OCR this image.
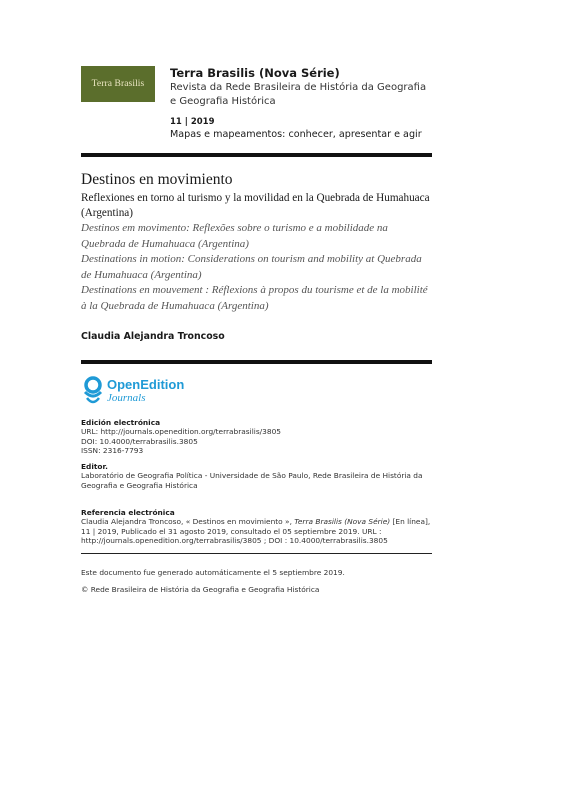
Terra Brasilis
Terra Brasilis (Nova Série)
Revista da Rede Brasileira de História da Geografia e Geografia Histórica
11 | 2019
Mapas e mapeamentos: conhecer, apresentar e agir
Destinos en movimiento
Reflexiones en torno al turismo y la movilidad en la Quebrada de Humahuaca (Argentina)
Destinos em movimento: Reflexões sobre o turismo e a mobilidade na Quebrada de Humahuaca (Argentina)
Destinations in motion: Considerations on tourism and mobility at Quebrada de Humahuaca (Argentina)
Destinations en mouvement : Réflexions à propos du tourisme et de la mobilité à la Quebrada de Humahuaca (Argentina)
Claudia Alejandra Troncoso
OpenEdition
Journals
Edición electrónica
URL: http://journals.openedition.org/terrabrasilis/3805
DOI: 10.4000/terrabrasilis.3805
ISSN: 2316-7793
Editor.
Laboratório de Geografia Política - Universidade de São Paulo, Rede Brasileira de História da Geografia e Geografia Histórica
Referencia electrónica
Claudia Alejandra Troncoso, « Destinos en movimiento », Terra Brasilis (Nova Série) [En línea], 11 | 2019, Publicado el 31 agosto 2019, consultado el 05 septiembre 2019. URL : http://journals.openedition.org/terrabrasilis/3805 ; DOI : 10.4000/terrabrasilis.3805
Este documento fue generado automáticamente el 5 septiembre 2019.
© Rede Brasileira de História da Geografia e Geografia Histórica
